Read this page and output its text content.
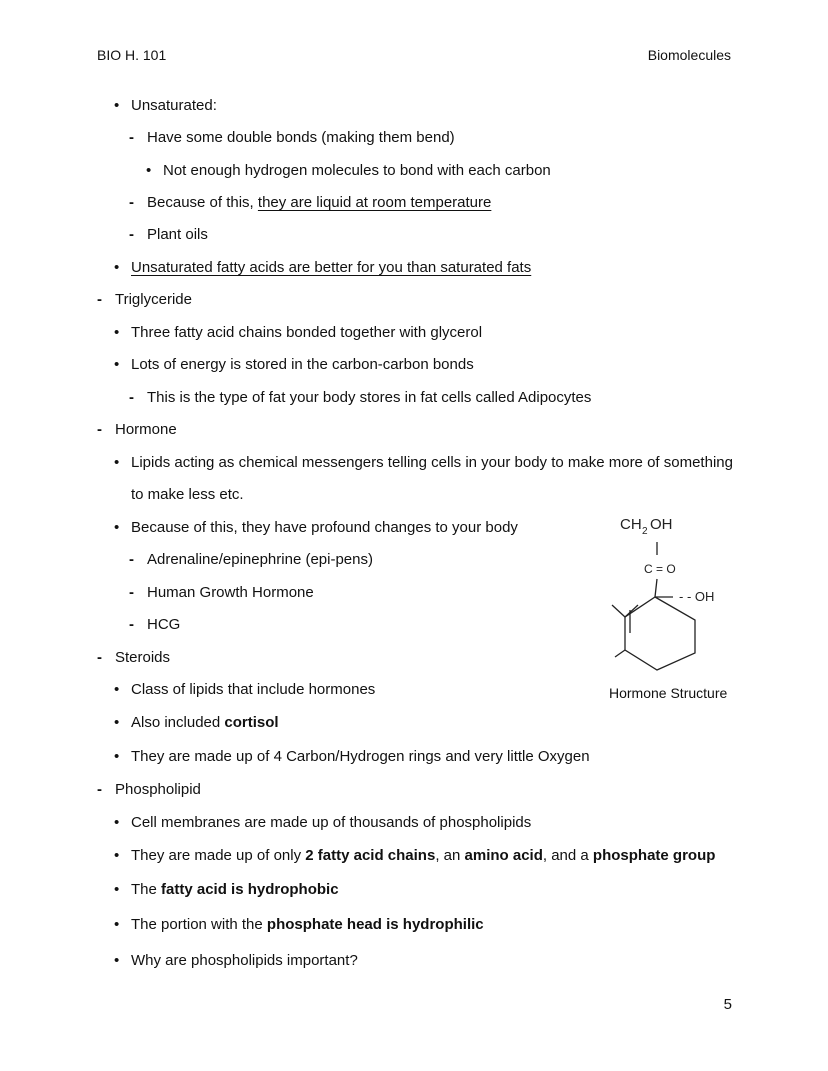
BIO H. 101	Biomolecules
• Unsaturated:
- Have some double bonds (making them bend)
• Not enough hydrogen molecules to bond with each carbon
- Because of this, they are liquid at room temperature
- Plant oils
• Unsaturated fatty acids are better for you than saturated fats
- Triglyceride
• Three fatty acid chains bonded together with glycerol
• Lots of energy is stored in the carbon-carbon bonds
- This is the type of fat your body stores in fat cells called Adipocytes
- Hormone
• Lipids acting as chemical messengers telling cells in your body to make more of something
to make less etc.
• Because of this, they have profound changes to your body
- Adrenaline/epinephrine (epi-pens)
- Human Growth Hormone
- HCG
- Steroids
• Class of lipids that include hormones
• Also included cortisol
• They are made up of 4 Carbon/Hydrogen rings and very little Oxygen
- Phospholipid
• Cell membranes are made up of thousands of phospholipids
• They are made up of only 2 fatty acid chains, an amino acid, and a phosphate group
• The fatty acid is hydrophobic
• The portion with the phosphate head is hydrophilic
• Why are phospholipids important?
CH 2 OH
C = O
- - OH
Hormone Structure
5
